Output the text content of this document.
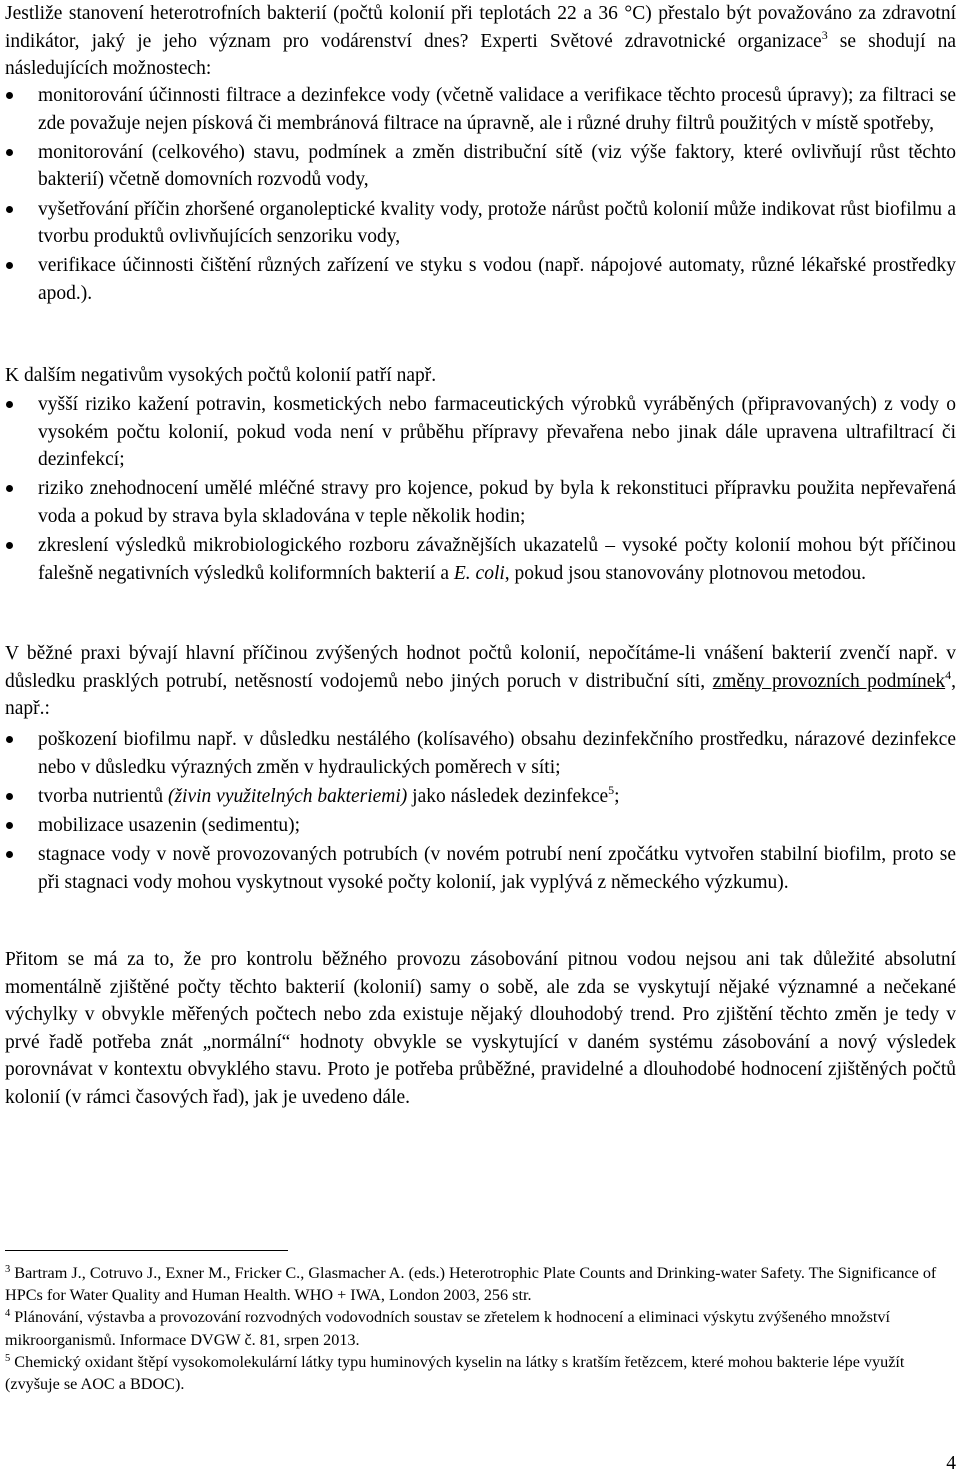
Jestliže stanovení heterotrofních bakterií (počtů kolonií při teplotách 22 a 36 °C) přestalo být považováno za zdravotní indikátor, jaký je jeho význam pro vodárenství dnes? Experti Světové zdravotnické organizace$^3$ se shodují na následujících možnostech:

monitorování účinnosti filtrace a dezinfekce vody (včetně validace a verifikace těchto procesů úpravy); za filtraci se zde považuje nejen písková či membránová filtrace na úpravně, ale i různé druhy filtrů použitých v místě spotřeby,
monitorování (celkového) stavu, podmínek a změn distribuční sítě (viz výše faktory, které ovlivňují růst těchto bakterií) včetně domovních rozvodů vody,
vyšetřování příčin zhoršené organoleptické kvality vody, protože nárůst počtů kolonií může indikovat růst biofilmu a tvorbu produktů ovlivňujících senzoriku vody,
verifikace účinnosti čištění různých zařízení ve styku s vodou (např. nápojové automaty, různé lékařské prostředky apod.).

K dalším negativům vysokých počtů kolonií patří např.

vyšší riziko kažení potravin, kosmetických nebo farmaceutických výrobků vyráběných (připravovaných) z vody o vysokém počtu kolonií, pokud voda není v průběhu přípravy převařena nebo jinak dále upravena ultrafiltrací či dezinfekcí;
riziko znehodnocení umělé mléčné stravy pro kojence, pokud by byla k rekonstituci přípravku použita nepřevařená voda a pokud by strava byla skladována v teple několik hodin;
zkreslení výsledků mikrobiologického rozboru závažnějších ukazatelů – vysoké počty kolonií mohou být příčinou falešně negativních výsledků koliformních bakterií a E. coli, pokud jsou stanovovány plotnovou metodou.

V běžné praxi bývají hlavní příčinou zvýšených hodnot počtů kolonií, nepočítáme-li vnášení bakterií zvenčí např. v důsledku prasklých potrubí, netěsností vodojemů nebo jiných poruch v distribuční síti, změny provozních podmínek$^4$, např.:

poškození biofilmu např. v důsledku nestálého (kolísavého) obsahu dezinfekčního prostředku, nárazové dezinfekce nebo v důsledku výrazných změn v hydraulických poměrech v síti;
tvorba nutrientů (živin využitelných bakteriemi) jako následek dezinfekce$^5$;
mobilizace usazenin (sedimentu);
stagnace vody v nově provozovaných potrubích (v novém potrubí není zpočátku vytvořen stabilní biofilm, proto se při stagnaci vody mohou vyskytnout vysoké počty kolonií, jak vyplývá z německého výzkumu).

Přitom se má za to, že pro kontrolu běžného provozu zásobování pitnou vodou nejsou ani tak důležité absolutní momentálně zjištěné počty těchto bakterií (kolonií) samy o sobě, ale zda se vyskytují nějaké významné a nečekané výchylky v obvykle měřených počtech nebo zda existuje nějaký dlouhodobý trend. Pro zjištění těchto změn je tedy v prvé řadě potřeba znát „normální“ hodnoty obvykle se vyskytující v daném systému zásobování a nový výsledek porovnávat v kontextu obvyklého stavu. Proto je potřeba průběžné, pravidelné a dlouhodobé hodnocení zjištěných počtů kolonií (v rámci časových řad), jak je uvedeno dále.

$^3$ Bartram J., Cotruvo J., Exner M., Fricker C., Glasmacher A. (eds.) Heterotrophic Plate Counts and Drinking-water Safety. The Significance of HPCs for Water Quality and Human Health. WHO + IWA, London 2003, 256 str.

$^4$ Plánování, výstavba a provozování rozvodných vodovodních soustav se zřetelem k hodnocení a eliminaci výskytu zvýšeného množství mikroorganismů. Informace DVGW č. 81, srpen 2013.

$^5$ Chemický oxidant štěpí vysokomolekulární látky typu huminových kyselin na látky s kratším řetězcem, které mohou bakterie lépe využít (zvyšuje se AOC a BDOC).

4
